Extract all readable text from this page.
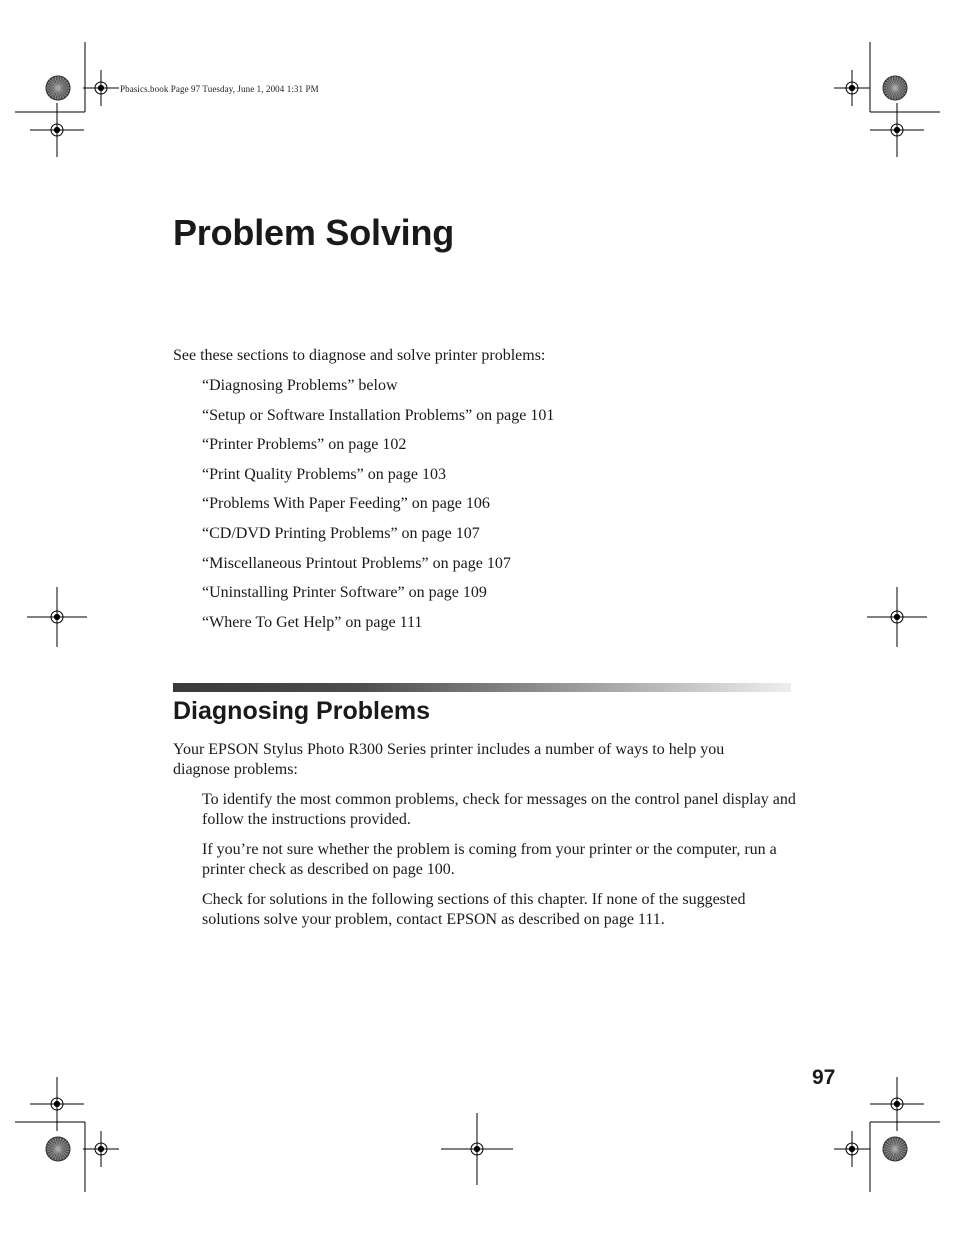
Pbasics.book Page 97 Tuesday, June 1, 2004 1:31 PM
Problem Solving

See these sections to diagnose and solve printer problems:

“Diagnosing Problems” below
“Setup or Software Installation Problems” on page 101
“Printer Problems” on page 102
“Print Quality Problems” on page 103
“Problems With Paper Feeding” on page 106
“CD/DVD Printing Problems” on page 107
“Miscellaneous Printout Problems” on page 107
“Uninstalling Printer Software” on page 109
“Where To Get Help” on page 111
Diagnosing Problems

Your EPSON Stylus Photo R300 Series printer includes a number of ways to help you diagnose problems:

To identify the most common problems, check for messages on the control panel display and follow the instructions provided.
If you’re not sure whether the problem is coming from your printer or the computer, run a printer check as described on page 100.
Check for solutions in the following sections of this chapter. If none of the suggested solutions solve your problem, contact EPSON as described on page 111.
97
